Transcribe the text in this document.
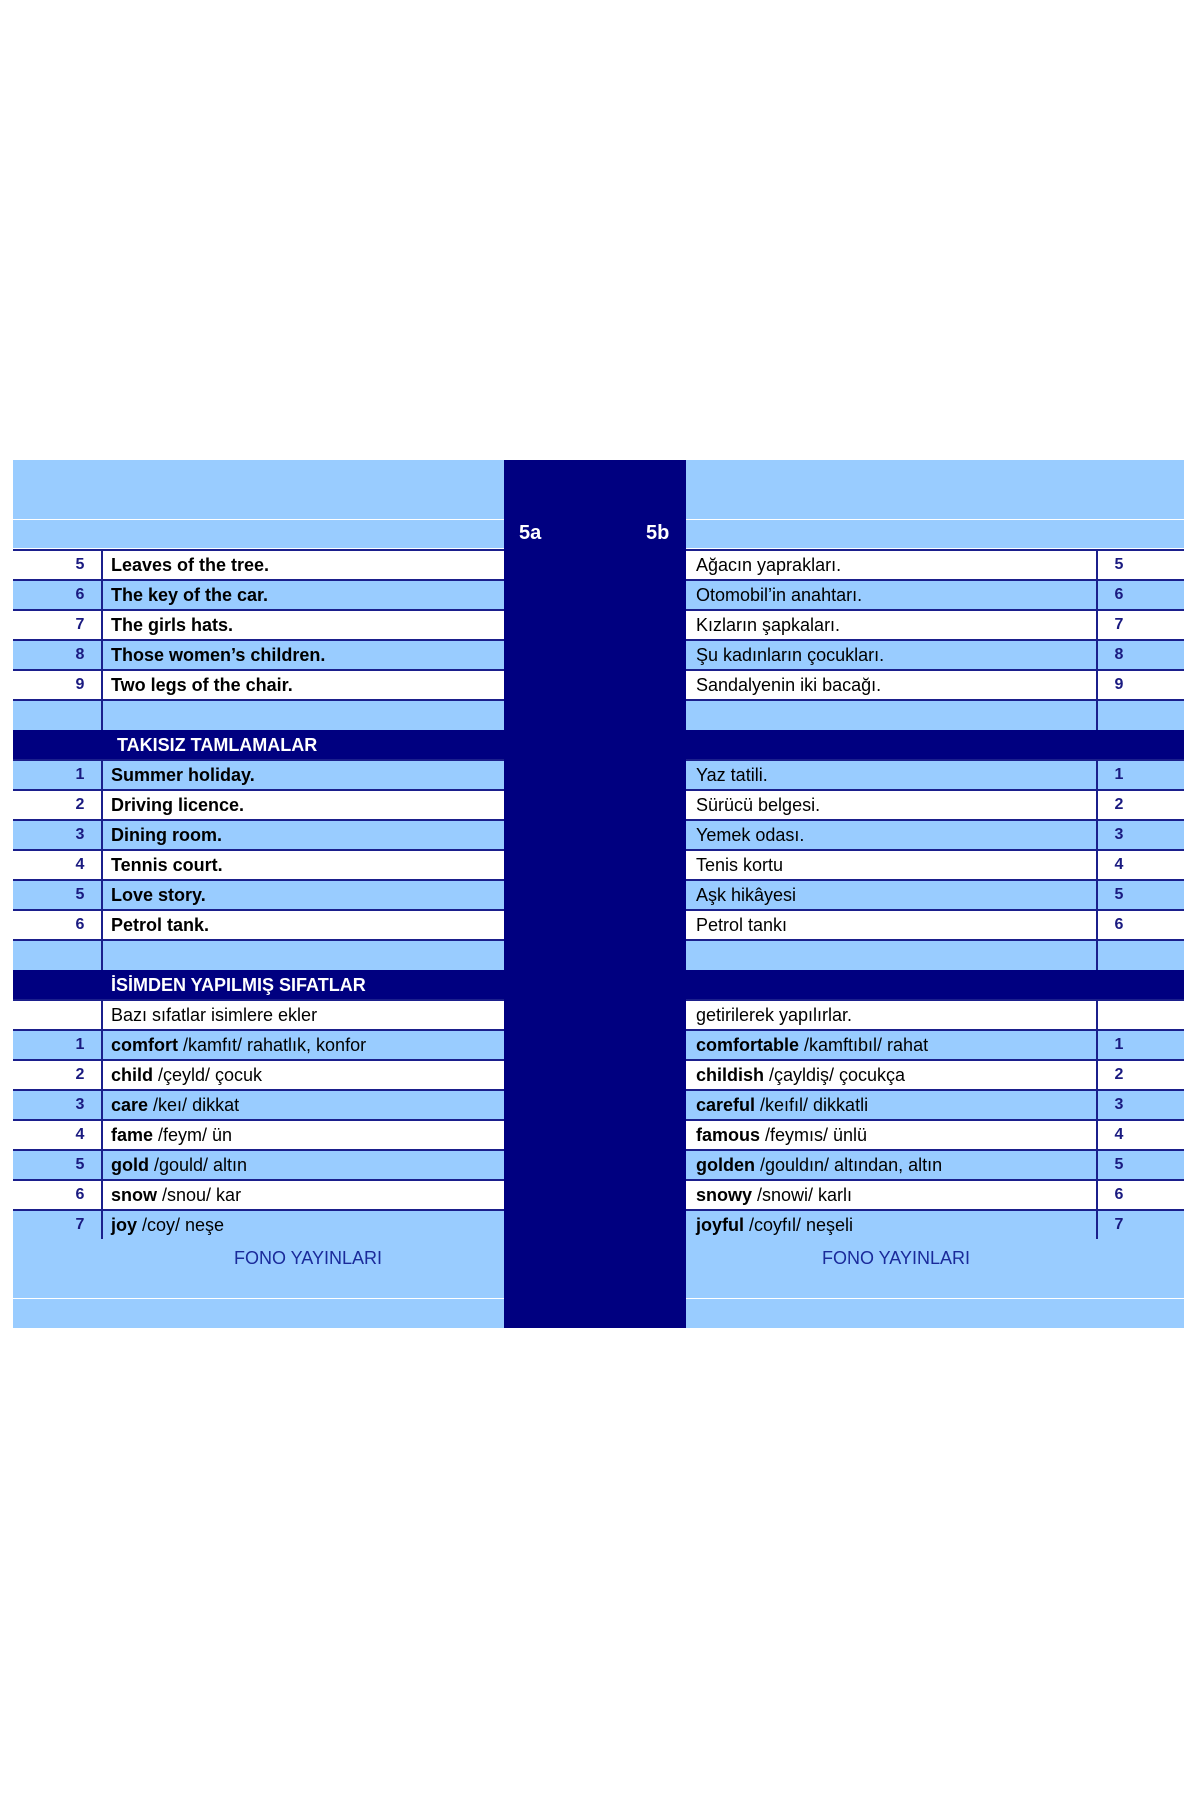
5a	5b
5	Leaves of the tree.	Ağacın yaprakları.	5
6	The key of the car.	Otomobil’in anahtarı.	6
7	The girls hats.	Kızların şapkaları.	7
8	Those women’s children.	Şu kadınların çocukları.	8
9	Two legs of the chair.	Sandalyenin iki bacağı.	9
TAKISIZ TAMLAMALAR
1	Summer holiday.	Yaz tatili.	1
2	Driving licence.	Sürücü belgesi.	2
3	Dining room.	Yemek odası.	3
4	Tennis court.	Tenis kortu	4
5	Love story.	Aşk hikâyesi	5
6	Petrol tank.	Petrol tankı	6
İSİMDEN YAPILMIŞ SIFATLAR
Bazı sıfatlar isimlere ekler	getirilerek yapılırlar.
1	comfort /kamfıt/ rahatlık, konfor	comfortable /kamftıbıl/ rahat	1
2	child /çeyld/ çocuk	childish /çayldiş/ çocukça	2
3	care /keı/ dikkat	careful /keıfıl/ dikkatli	3
4	fame /feym/ ün	famous /feymıs/ ünlü	4
5	gold /gould/ altın	golden /gouldın/ altından, altın	5
6	snow /snou/ kar	snowy /snowi/ karlı	6
7	joy /coy/ neşe	joyful /coyfıl/ neşeli	7
FONO YAYINLARI	FONO YAYINLARI
